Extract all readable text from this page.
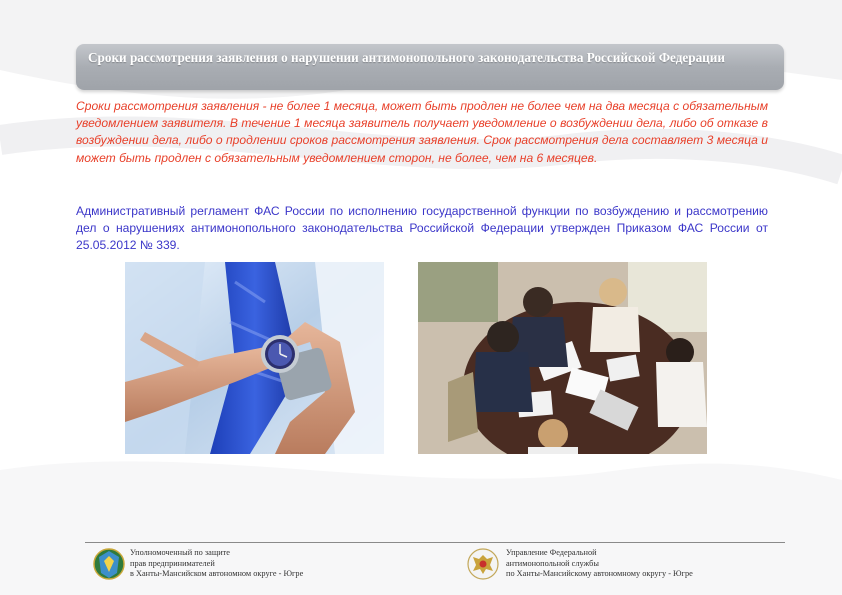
Сроки рассмотрения заявления о нарушении антимонопольного законодательства Российской Федерации

Сроки рассмотрения заявления - не более 1 месяца, может быть продлен не более чем на два месяца с обязательным уведомлением заявителя. В течение 1 месяца заявитель получает уведомление о возбуждении дела, либо об отказе в возбуждении дела, либо о продлении сроков рассмотрения заявления. Срок рассмотрения дела составляет 3 месяца и может быть продлен с обязательным уведомлением сторон, не более, чем на 6 месяцев.

Административный регламент ФАС России по исполнению государственной функции по возбуждению и рассмотрению дел о нарушениях антимонопольного законодательства Российской Федерации утвержден Приказом ФАС России от 25.05.2012 № 339.

Уполномоченный по защите
прав предпринимателей
в Ханты-Мансийском автономном округе - Югре
Управление Федеральной
антимонопольной службы
по Ханты-Мансийскому автономному округу - Югре
